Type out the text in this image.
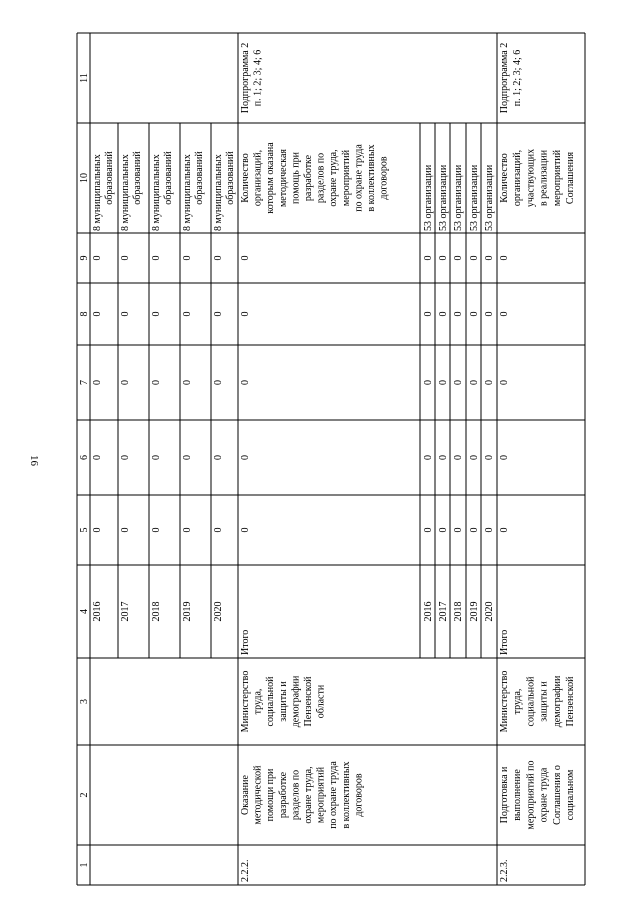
16
1
2
3
4
5
6
7
8
9
10
11
2016
0
0
0
0
0
8 муниципальных образований
2017
0
0
0
0
0
8 муниципальных образований
2018
0
0
0
0
0
8 муниципальных образований
2019
0
0
0
0
0
8 муниципальных образований
2020
0
0
0
0
0
8 муниципальных образований
2.2.2.
Оказание методической помощи при разработке разделов по охране труда, мероприятий по охране труда в коллективных договоров
Министерство труда, социальной защиты и демографии Пензенской области
Итого
0
0
0
0
0
Количество организаций, которым оказана методическая помощь при разработке разделов по охране труда, мероприятий по охране труда в коллективных договоров
Подпрограмма 2 п. 1; 2; 3; 4; 6
2016
0
0
0
0
0
53 организации
2017
0
0
0
0
0
53 организации
2018
0
0
0
0
0
53 организации
2019
0
0
0
0
0
53 организации
2020
0
0
0
0
0
53 организации
2.2.3.
Подготовка и выполнение мероприятий по охране труда Соглашения о социальном
Министерство труда, социальной защиты и демографии Пензенской
Итого
0
0
0
0
0
Количество организаций, участвующих в реализации мероприятий Соглашения
Подпрограмма 2 п. 1; 2; 3; 4; 6
